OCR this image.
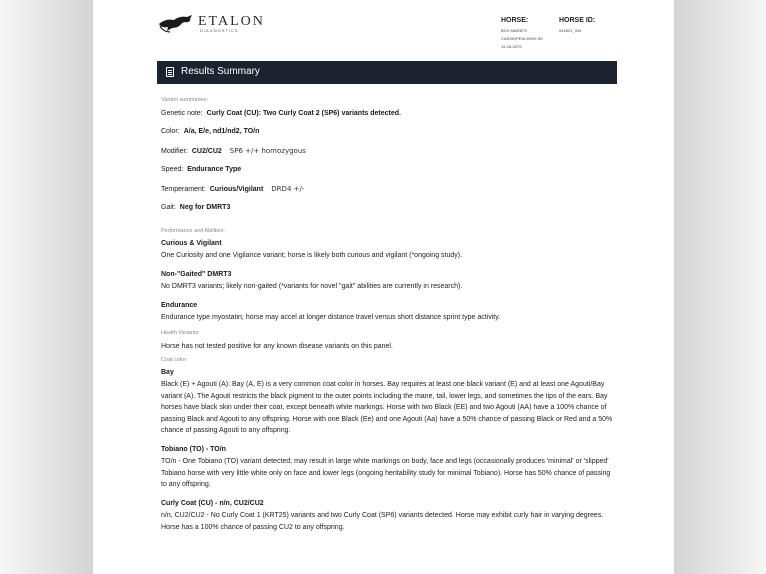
ETALON
DIAGNOSTICS
HORSE:
BCH MARIE'S
CASSIOPEIA WISH SE
19-18-0379
HORSE ID:
041821_004
Results Summary
Variant summaries:
Genetic note: Curly Coat (CU): Two Curly Coat 2 (SP6) variants detected.
Color: A/a, E/e, nd1/nd2, TO/n
Modifier: CU2/CU2 SP6 +/+ homozygous
Speed: Endurance Type
Temperament: Curious/Vigilant DRD4 +/-
Gait: Neg for DMRT3
Performance and Abilities:
Curious & Vigilant
One Curiosity and one Vigilance variant; horse is likely both curious and vigilant (*ongoing study).
Non-"Gaited" DMRT3
No DMRT3 variants; likely non-gaited (*variants for novel "gait" abilities are currently in research).
Endurance
Endurance type myostatin; horse may accel at longer distance travel versus short distance sprint type activity.
Health Variants:
Horse has not tested positive for any known disease variants on this panel.
Coat color:
Bay
Black (E) + Agouti (A): Bay (A, E) is a very common coat color in horses. Bay requires at least one black variant (E) and at least one Agouti/Bay variant (A). The Agouti restricts the black pigment to the outer points including the mane, tail, lower legs, and sometimes the tips of the ears. Bay horses have black skin under their coat, except beneath white markings. Horse with two Black (EE) and two Agouti (AA) have a 100% chance of passing Black and Agouti to any offspring. Horse with one Black (Ee) and one Agouti (Aa) have a 50% chance of passing Black or Red and a 50% chance of passing Agouti to any offspring.
Tobiano (TO) - TO/n
TO/n - One Tobiano (TO) variant detected; may result in large white markings on body, face and legs (occasionally produces 'minimal' or 'slipped' Tobiano horse with very little white only on face and lower legs (ongoing heritability study for minimal Tobiano). Horse has 50% chance of passing to any offspring.
Curly Coat (CU) - n/n, CU2/CU2
n/n, CU2/CU2 - No Curly Coat 1 (KRT25) variants and two Curly Coat (SP6) variants detected. Horse may exhibit curly hair in varying degrees. Horse has a 100% chance of passing CU2 to any offspring.
